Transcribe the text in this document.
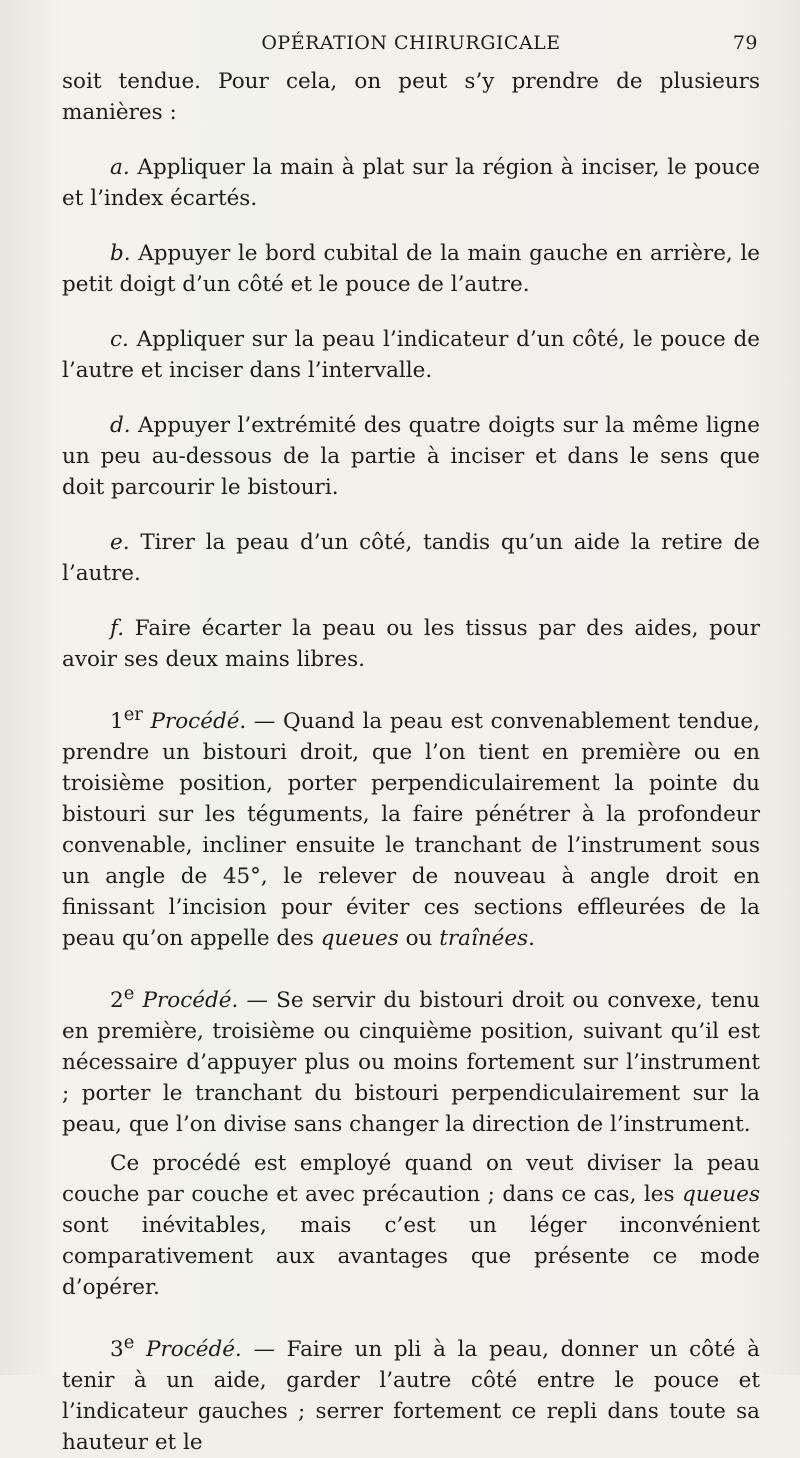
OPÉRATION CHIRURGICALE	79

soit tendue. Pour cela, on peut s’y prendre de plusieurs manières :

a. Appliquer la main à plat sur la région à inciser, le pouce et l’index écartés.

b. Appuyer le bord cubital de la main gauche en arrière, le petit doigt d’un côté et le pouce de l’autre.

c. Appliquer sur la peau l’indicateur d’un côté, le pouce de l’autre et inciser dans l’intervalle.

d. Appuyer l’extrémité des quatre doigts sur la même ligne un peu au-dessous de la partie à inciser et dans le sens que doit parcourir le bistouri.

e. Tirer la peau d’un côté, tandis qu’un aide la retire de l’autre.

f. Faire écarter la peau ou les tissus par des aides, pour avoir ses deux mains libres.

1er Procédé. — Quand la peau est convenablement tendue, prendre un bistouri droit, que l’on tient en première ou en troisième position, porter perpendiculairement la pointe du bistouri sur les téguments, la faire pénétrer à la profondeur convenable, incliner ensuite le tranchant de l’instrument sous un angle de 45°, le relever de nouveau à angle droit en finissant l’incision pour éviter ces sections effleurées de la peau qu’on appelle des queues ou traînées.

2e Procédé. — Se servir du bistouri droit ou convexe, tenu en première, troisième ou cinquième position, suivant qu’il est nécessaire d’appuyer plus ou moins fortement sur l’instrument ; porter le tranchant du bistouri perpendiculairement sur la peau, que l’on divise sans changer la direction de l’instrument.

Ce procédé est employé quand on veut diviser la peau couche par couche et avec précaution ; dans ce cas, les queues sont inévitables, mais c’est un léger inconvénient comparativement aux avantages que présente ce mode d’opérer.

3e Procédé. — Faire un pli à la peau, donner un côté à tenir à un aide, garder l’autre côté entre le pouce et l’indicateur gauches ; serrer fortement ce repli dans toute sa hauteur et le
